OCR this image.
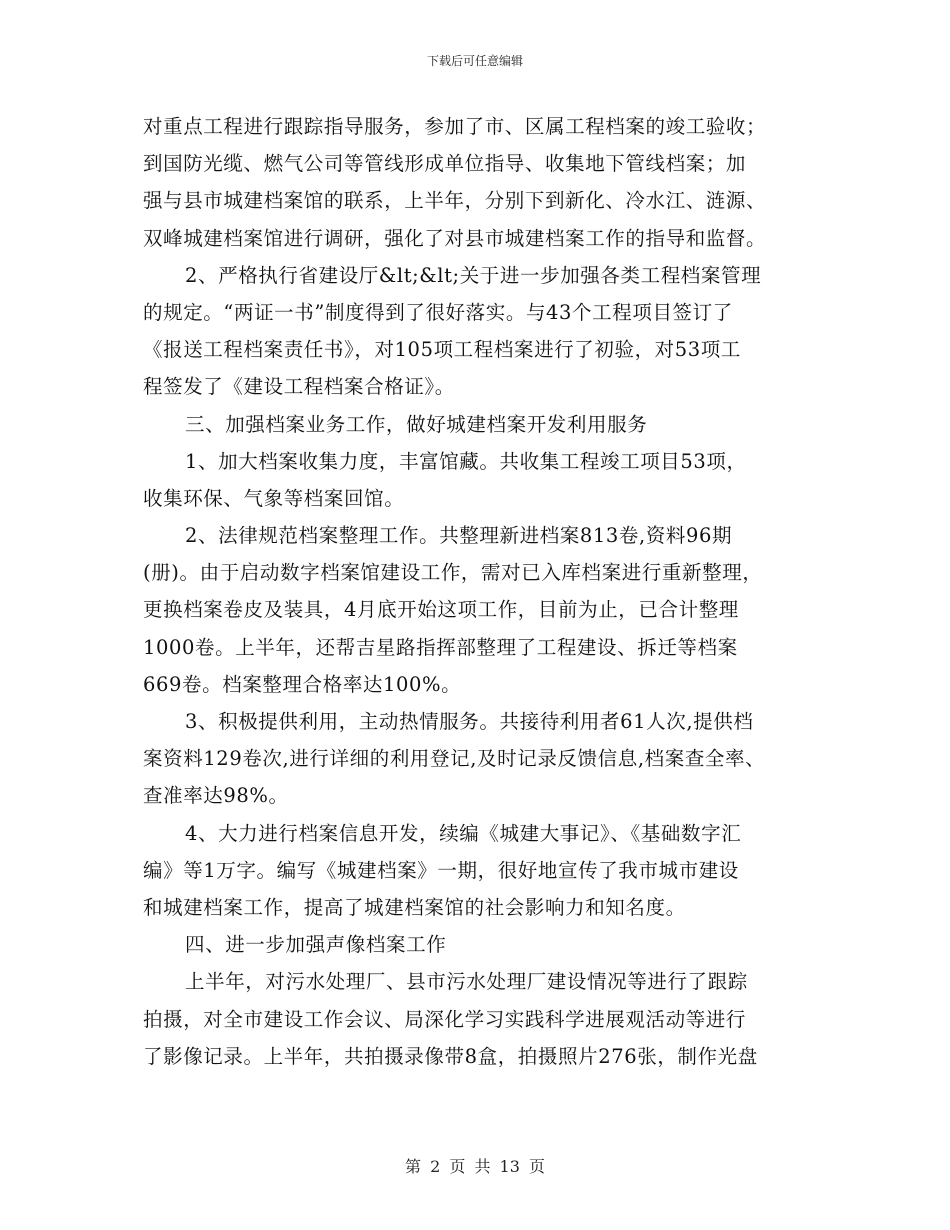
下载后可任意编辑
对重点工程进行跟踪指导服务，参加了市、区属工程档案的竣工验收；
到国防光缆、燃气公司等管线形成单位指导、收集地下管线档案；加
强与县市城建档案馆的联系，上半年，分别下到新化、冷水江、涟源、
双峰城建档案馆进行调研，强化了对县市城建档案工作的指导和监督。
2、严格执行省建设厅&lt;&lt;关于进一步加强各类工程档案管理
的规定。“两证一书”制度得到了很好落实。与43个工程项目签订了
《报送工程档案责任书》，对105项工程档案进行了初验，对53项工
程签发了《建设工程档案合格证》。
三、加强档案业务工作，做好城建档案开发利用服务
1、加大档案收集力度，丰富馆藏。共收集工程竣工项目53项，
收集环保、气象等档案回馆。
2、法律规范档案整理工作。共整理新进档案813卷,资料96期
(册)。由于启动数字档案馆建设工作，需对已入库档案进行重新整理，
更换档案卷皮及装具，4月底开始这项工作，目前为止，已合计整理
1000卷。上半年，还帮吉星路指挥部整理了工程建设、拆迁等档案
669卷。档案整理合格率达100%。
3、积极提供利用，主动热情服务。共接待利用者61人次,提供档
案资料129卷次,进行详细的利用登记,及时记录反馈信息,档案查全率、
查准率达98%。
4、大力进行档案信息开发，续编《城建大事记》、《基础数字汇
编》等1万字。编写《城建档案》一期，很好地宣传了我市城市建设
和城建档案工作，提高了城建档案馆的社会影响力和知名度。
四、进一步加强声像档案工作
上半年，对污水处理厂、县市污水处理厂建设情况等进行了跟踪
拍摄，对全市建设工作会议、局深化学习实践科学进展观活动等进行
了影像记录。上半年，共拍摄录像带8盒，拍摄照片276张，制作光盘
第 2 页 共 13 页
